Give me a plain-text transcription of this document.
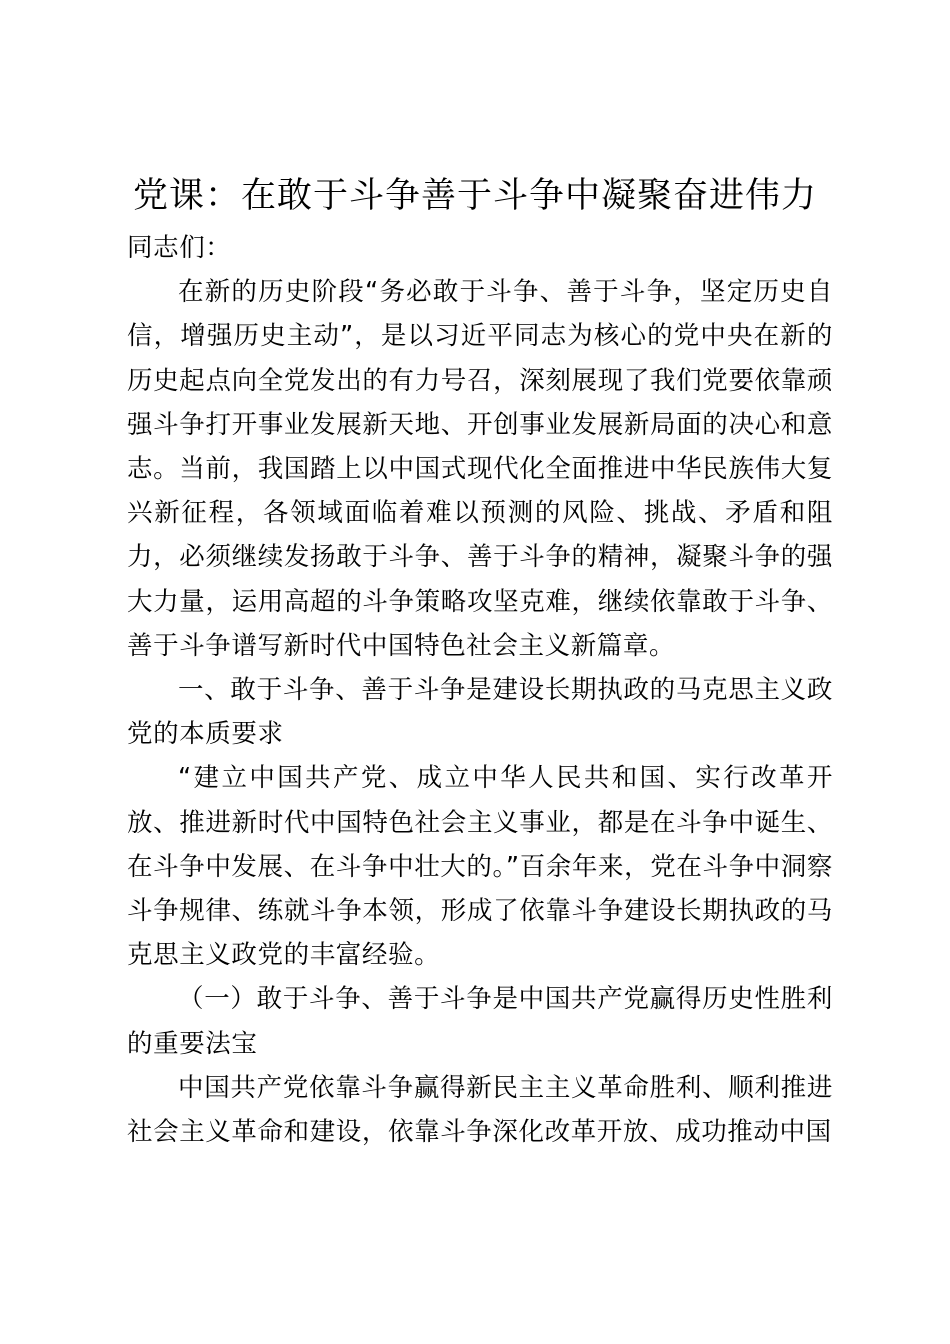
党课：在敢于斗争善于斗争中凝聚奋进伟力

同志们：

在新的历史阶段“务必敢于斗争、善于斗争，坚定历史自信，增强历史主动”，是以习近平同志为核心的党中央在新的历史起点向全党发出的有力号召，深刻展现了我们党要依靠顽强斗争打开事业发展新天地、开创事业发展新局面的决心和意志。当前，我国踏上以中国式现代化全面推进中华民族伟大复兴新征程，各领域面临着难以预测的风险、挑战、矛盾和阻力，必须继续发扬敢于斗争、善于斗争的精神，凝聚斗争的强大力量，运用高超的斗争策略攻坚克难，继续依靠敢于斗争、善于斗争谱写新时代中国特色社会主义新篇章。

一、敢于斗争、善于斗争是建设长期执政的马克思主义政党的本质要求

“建立中国共产党、成立中华人民共和国、实行改革开放、推进新时代中国特色社会主义事业，都是在斗争中诞生、在斗争中发展、在斗争中壮大的。”百余年来，党在斗争中洞察斗争规律、练就斗争本领，形成了依靠斗争建设长期执政的马克思主义政党的丰富经验。

（一）敢于斗争、善于斗争是中国共产党赢得历史性胜利的重要法宝

中国共产党依靠斗争赢得新民主主义革命胜利、顺利推进社会主义革命和建设，依靠斗争深化改革开放、成功推动中国
